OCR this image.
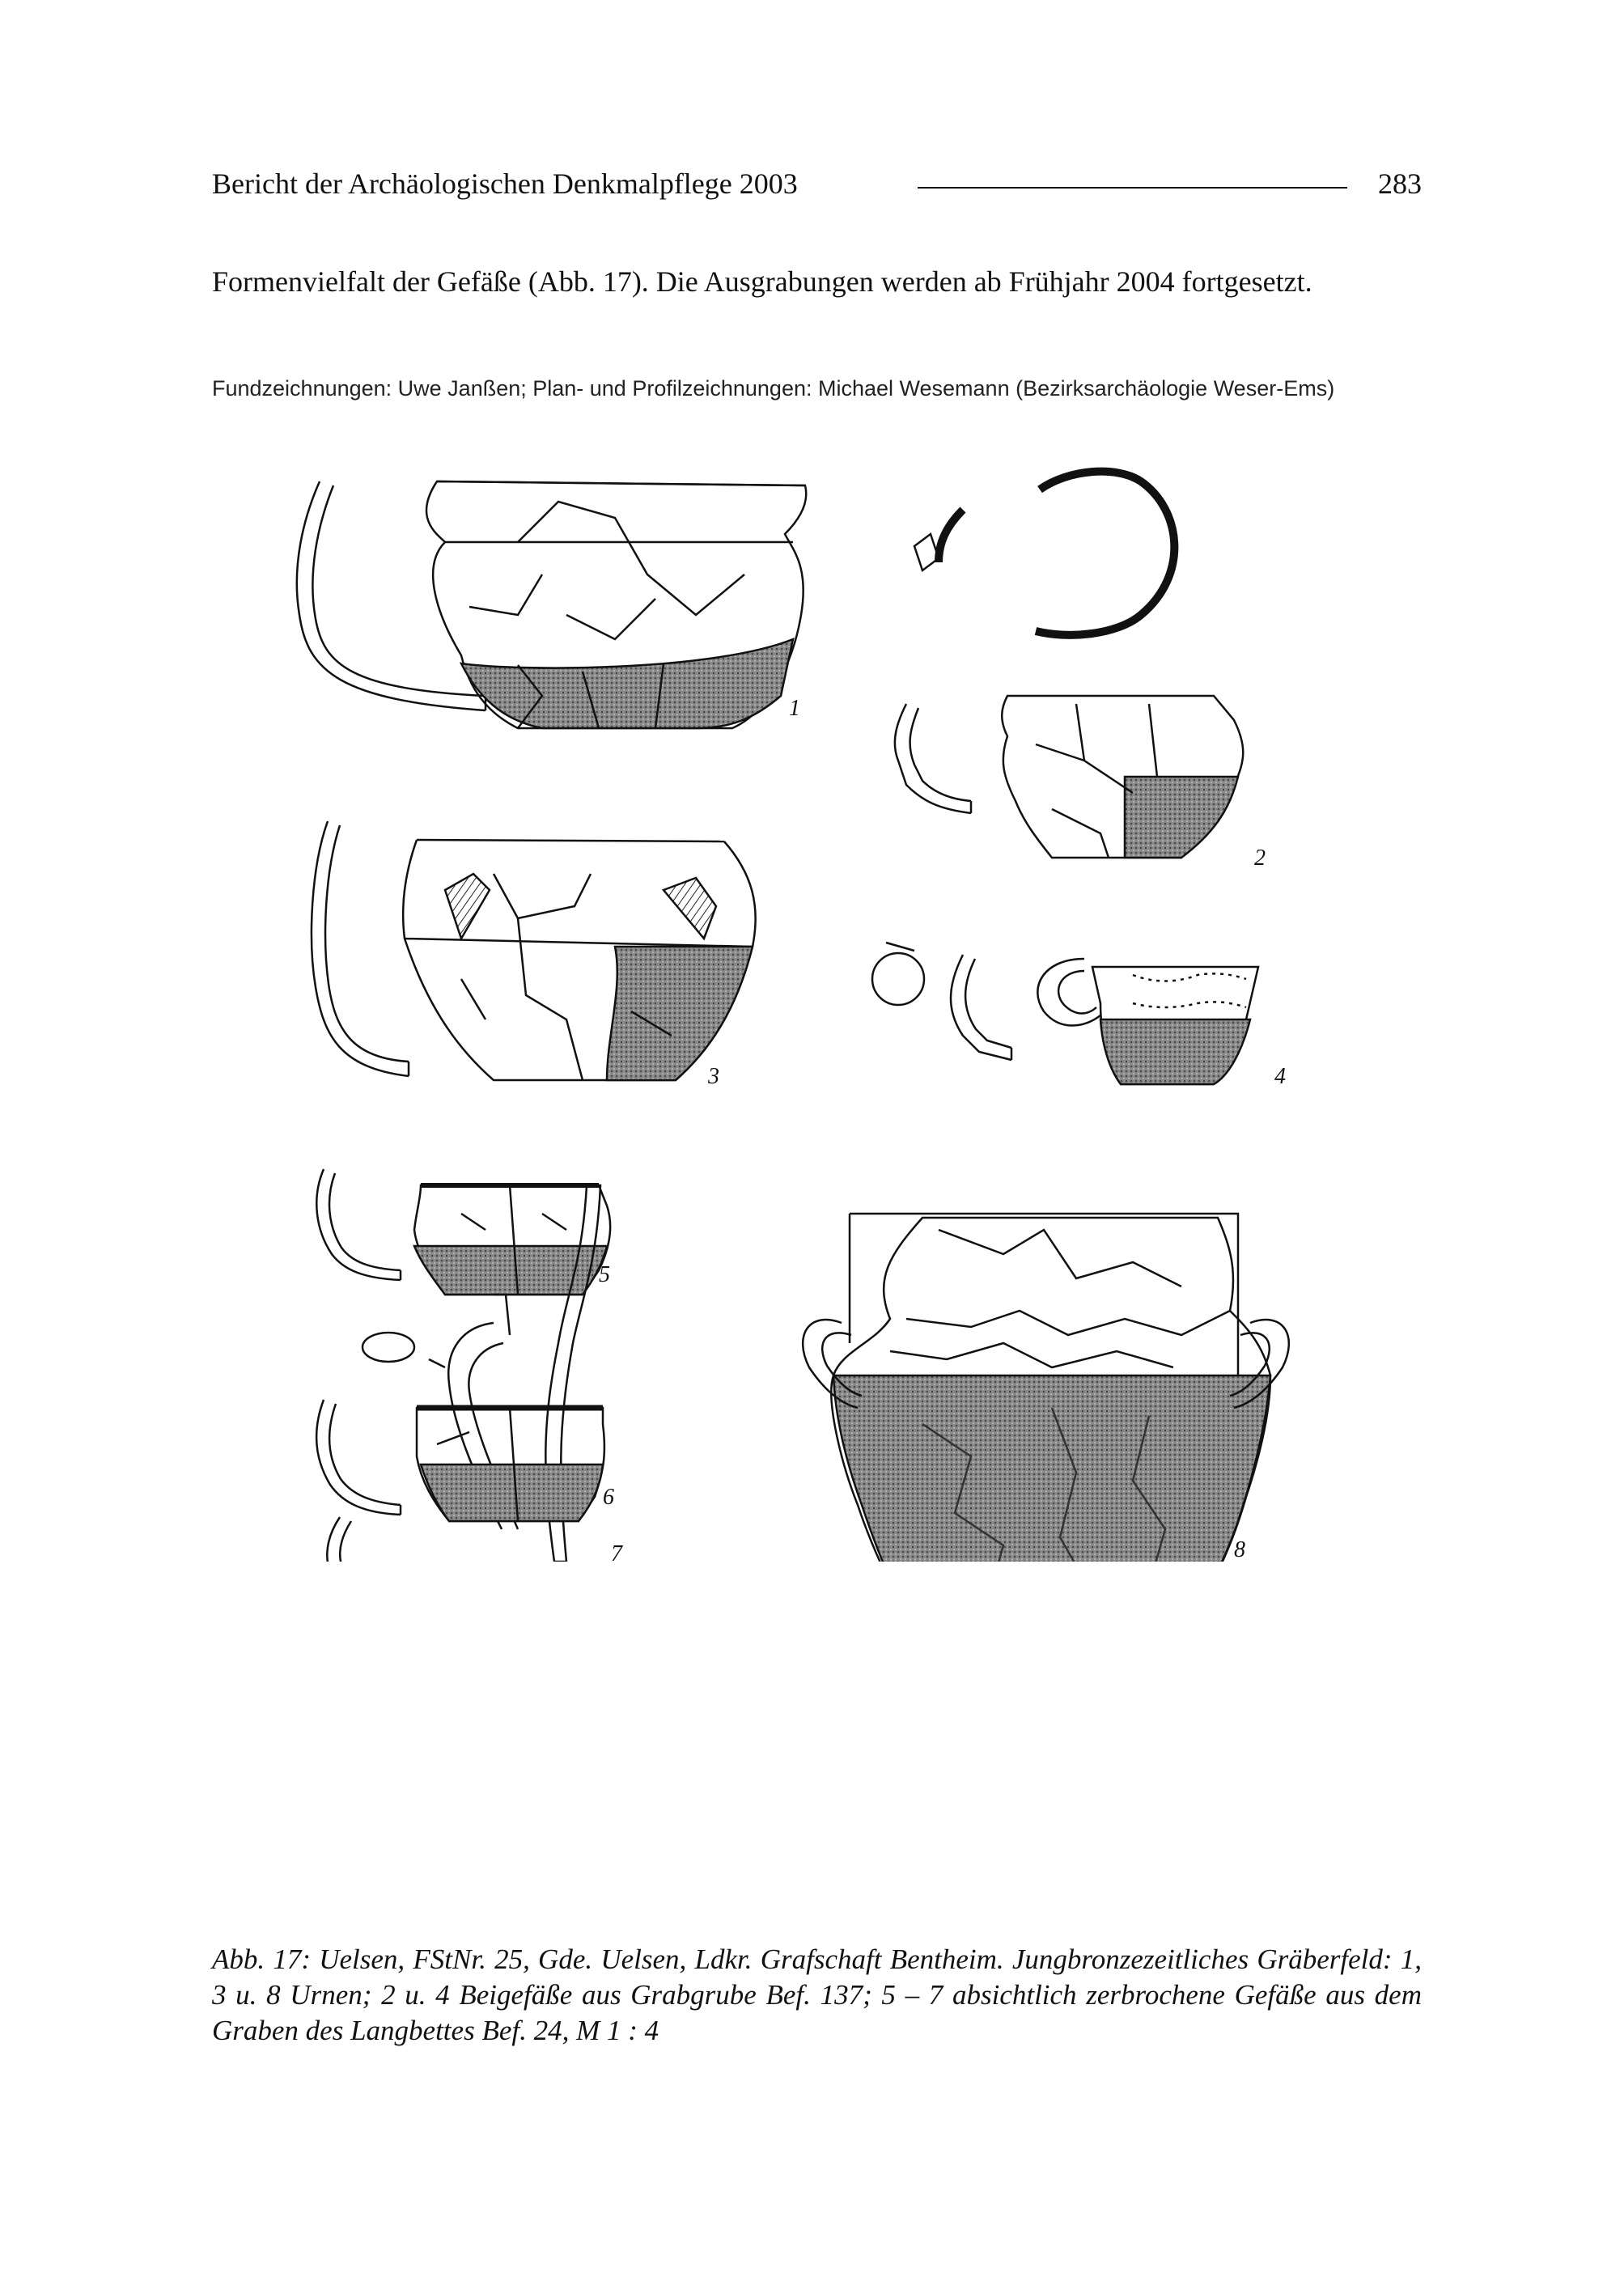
Bericht der Archäologischen Denkmalpflege 2003	283
Formenvielfalt der Gefäße (Abb. 17). Die Ausgrabungen werden ab Frühjahr 2004 fortgesetzt.
Fundzeichnungen: Uwe Janßen; Plan- und Profilzeichnungen: Michael Wesemann (Bezirksarchäologie Weser-Ems)
1
2
3	4
5
6
7	8
Abb. 17: Uelsen, FStNr. 25, Gde. Uelsen, Ldkr. Grafschaft Bentheim. Jungbronzezeitliches Gräberfeld: 1, 3 u. 8 Urnen; 2 u. 4 Beigefäße aus Grabgrube Bef. 137; 5 – 7 absichtlich zerbrochene Gefäße aus dem Graben des Langbettes Bef. 24, M 1 : 4
